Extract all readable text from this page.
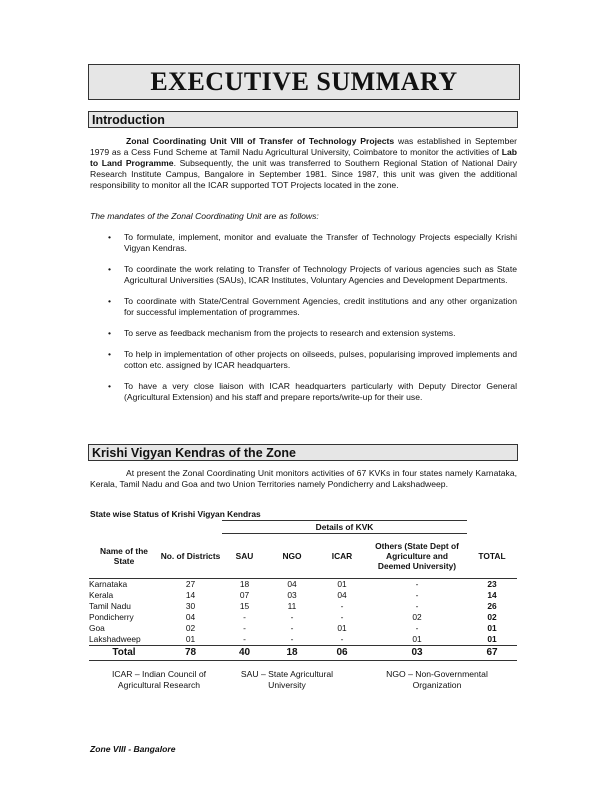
EXECUTIVE SUMMARY
Introduction

Zonal Coordinating Unit VIII of Transfer of Technology Projects was established in September 1979 as a Cess Fund Scheme at Tamil Nadu Agricultural University, Coimbatore to monitor the activities of Lab to Land Programme. Subsequently, the unit was transferred to Southern Regional Station of National Dairy Research Institute Campus, Bangalore in September 1981. Since 1987, this unit was given the additional responsibility to monitor all the ICAR supported TOT Projects located in the zone.

The mandates of the Zonal Coordinating Unit are as follows:

• To formulate, implement, monitor and evaluate the Transfer of Technology Projects especially Krishi Vigyan Kendras.
• To coordinate the work relating to Transfer of Technology Projects of various agencies such as State Agricultural Universities (SAUs), ICAR Institutes, Voluntary Agencies and Development Departments.
• To coordinate with State/Central Government Agencies, credit institutions and any other organization for successful implementation of programmes.
• To serve as feedback mechanism from the projects to research and extension systems.
• To help in implementation of other projects on oilseeds, pulses, popularising improved implements and cotton etc. assigned by ICAR headquarters.
• To have a very close liaison with ICAR headquarters particularly with Deputy Director General (Agricultural Extension) and his staff and prepare reports/write-up for their use.
Krishi Vigyan Kendras of the Zone

At present the Zonal Coordinating Unit monitors activities of 67 KVKs in four states namely Karnataka, Kerala, Tamil Nadu and Goa and two Union Territories namely Pondicherry and Lakshadweep.

State wise Status of Krishi Vigyan Kendras
		Details of KVK				

Name of the State	No. of Districts	SAU	NGO	ICAR	Others (State Dept of Agriculture and Deemed University)	TOTAL
Karnataka	27	18	04	01	-	23
Kerala	14	07	03	04	-	14
Tamil Nadu	30	15	11	-	-	26
Pondicherry	04	-	-	-	02	02
Goa	02	-	-	01	-	01
Lakshadweep	01	-	-	-	01	01
Total	78	40	18	06	03	67
ICAR – Indian Council of
Agricultural Research
SAU – State Agricultural
University
NGO – Non-Governmental
Organization
Zone VIII - Bangalore
